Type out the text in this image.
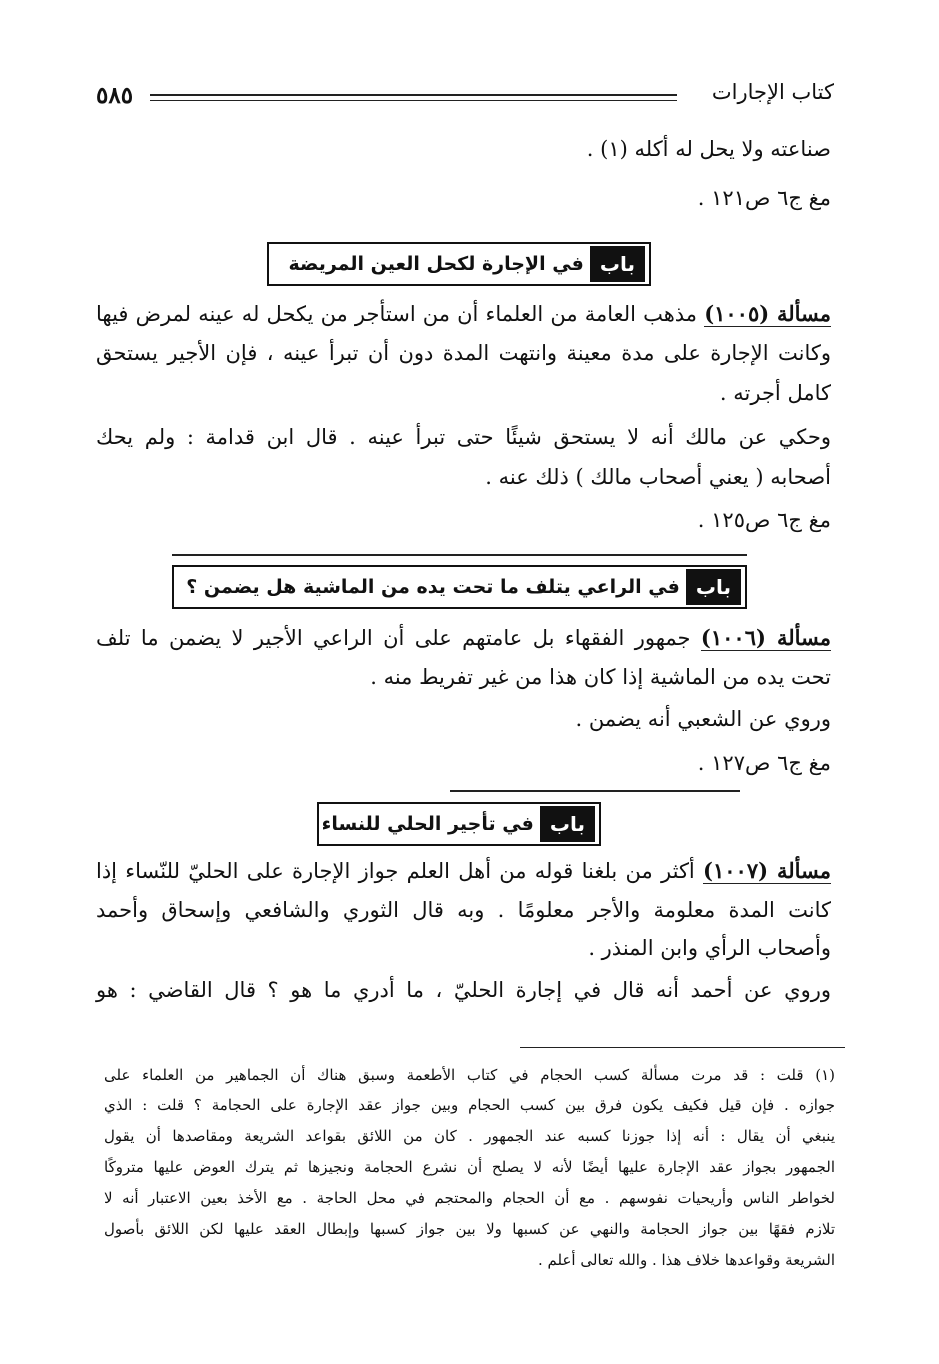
كتاب الإجارات
٥٨٥
صناعته ولا يحل له أكله (١) .
مغ ج٦ ص١٢١ .
باب
في الإجارة لكحل العين المريضة
مسألة (١٠٠٥) مذهب العامة من العلماء أن من استأجر من يكحل له عينه لمرض فيها
وكانت الإجارة على مدة معينة وانتهت المدة دون أن تبرأ عينه ، فإن الأجير يستحق
كامل أجرته .
وحكي عن مالك أنه لا يستحق شيئًا حتى تبرأ عينه . قال ابن قدامة : ولم يحك
أصحابه ( يعني أصحاب مالك ) ذلك عنه .
مغ ج٦ ص١٢٥ .
باب
في الراعي يتلف ما تحت يده من الماشية هل يضمن ؟
مسألة (١٠٠٦) جمهور الفقهاء بل عامتهم على أن الراعي الأجير لا يضمن ما تلف
تحت يده من الماشية إذا كان هذا من غير تفريط منه .
وروي عن الشعبي أنه يضمن .
مغ ج٦ ص١٢٧ .
باب
في تأجير الحلي للنساء
مسألة (١٠٠٧) أكثر من بلغنا قوله من أهل العلم جواز الإجارة على الحليّ للنّساء إذا
كانت المدة معلومة والأجر معلومًا . وبه قال الثوري والشافعي وإسحاق وأحمد
وأصحاب الرأي وابن المنذر .
وروي عن أحمد أنه قال في إجارة الحليّ ، ما أدري ما هو ؟ قال القاضي : هو
(١) قلت : قد مرت مسألة كسب الحجام في كتاب الأطعمة وسبق هناك أن الجماهير من العلماء على
جوازه . فإن قيل فكيف يكون فرق بين كسب الحجام وبين جواز عقد الإجارة على الحجامة ؟ قلت : الذي
ينبغي أن يقال : أنه إذا جوزنا كسبه عند الجمهور . كان من اللائق بقواعد الشريعة ومقاصدها أن يقول
الجمهور بجواز عقد الإجارة عليها أيضًا لأنه لا يصلح أن نشرع الحجامة ونجيزها ثم يترك العوض عليها متروكًا
لخواطر الناس وأريحيات نفوسهم . مع أن الحجام والمحتجم في محل الحاجة . مع الأخذ بعين الاعتبار أنه لا
تلازم فقهًا بين جواز الحجامة والنهي عن كسبها ولا بين جواز كسبها وإبطال العقد عليها لكن اللائق بأصول
الشريعة وقواعدها خلاف هذا . والله تعالى أعلم .
